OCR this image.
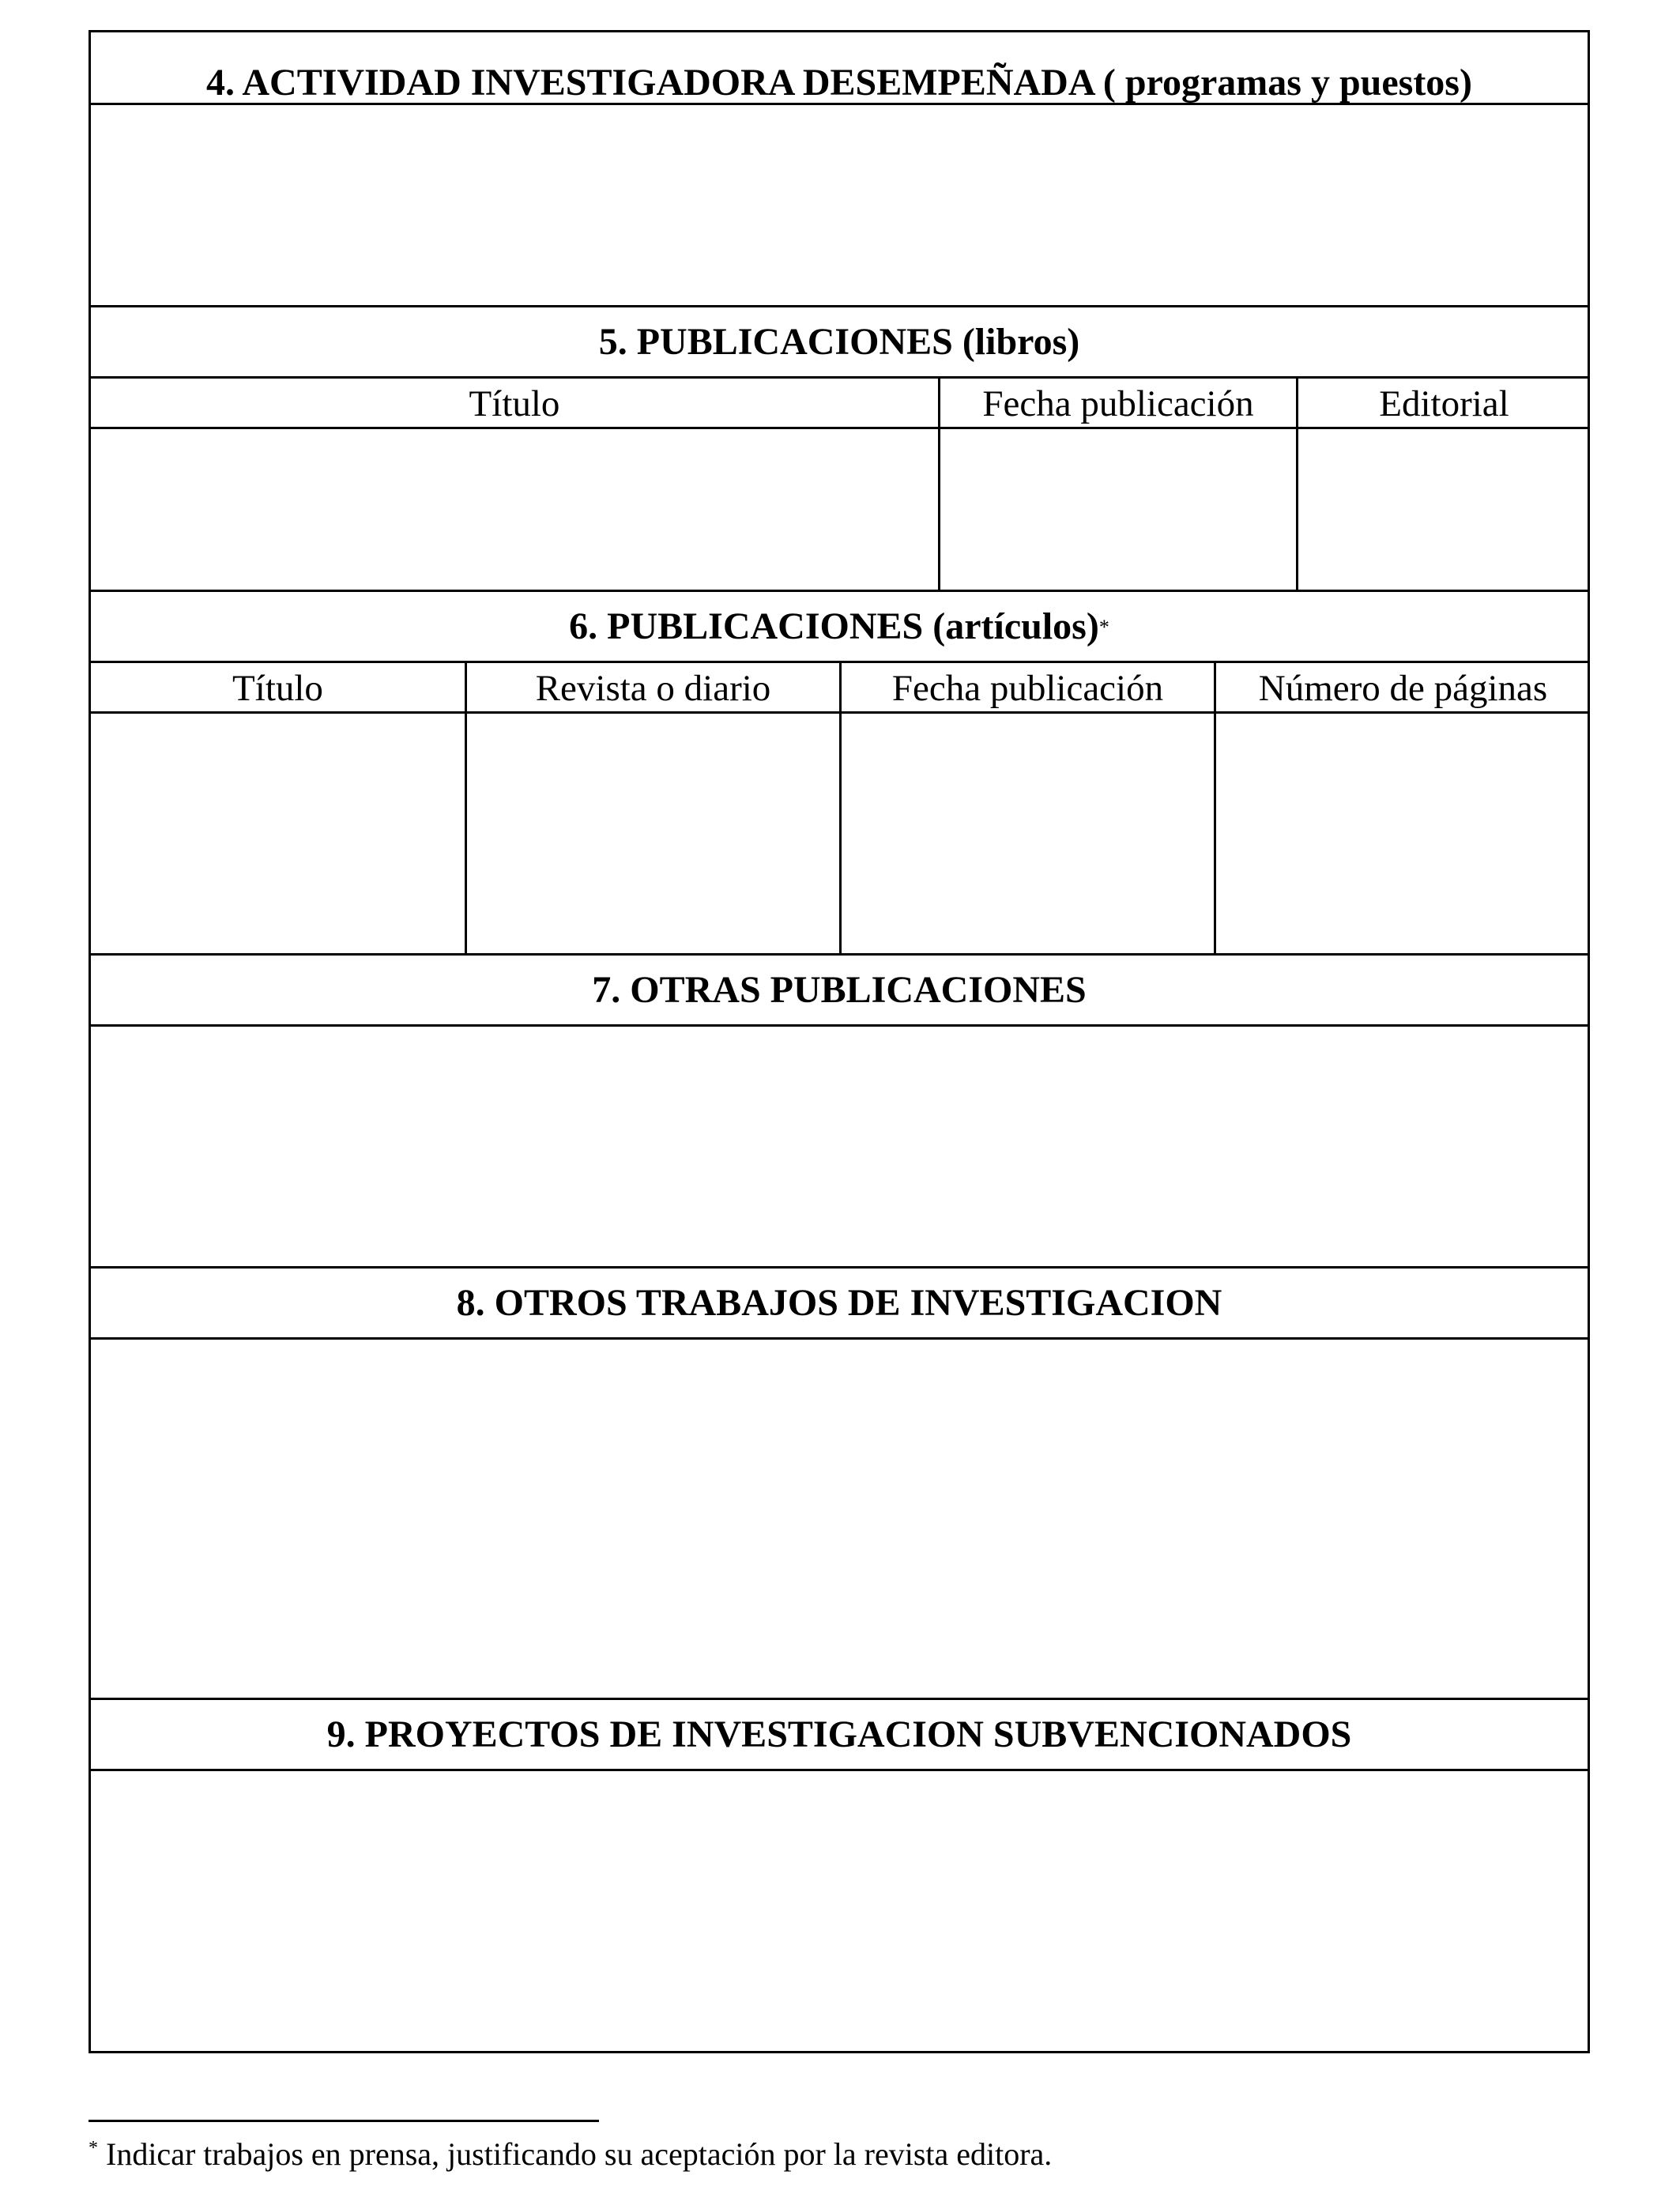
4. ACTIVIDAD INVESTIGADORA DESEMPEÑADA ( programas y puestos)
5. PUBLICACIONES (libros)
Título	Fecha publicación	Editorial
6. PUBLICACIONES (artículos)*
Título	Revista o diario	Fecha publicación	Número de páginas
7. OTRAS PUBLICACIONES
8. OTROS TRABAJOS DE INVESTIGACION
9. PROYECTOS DE INVESTIGACION SUBVENCIONADOS
* Indicar trabajos en prensa, justificando su aceptación por la revista editora.
